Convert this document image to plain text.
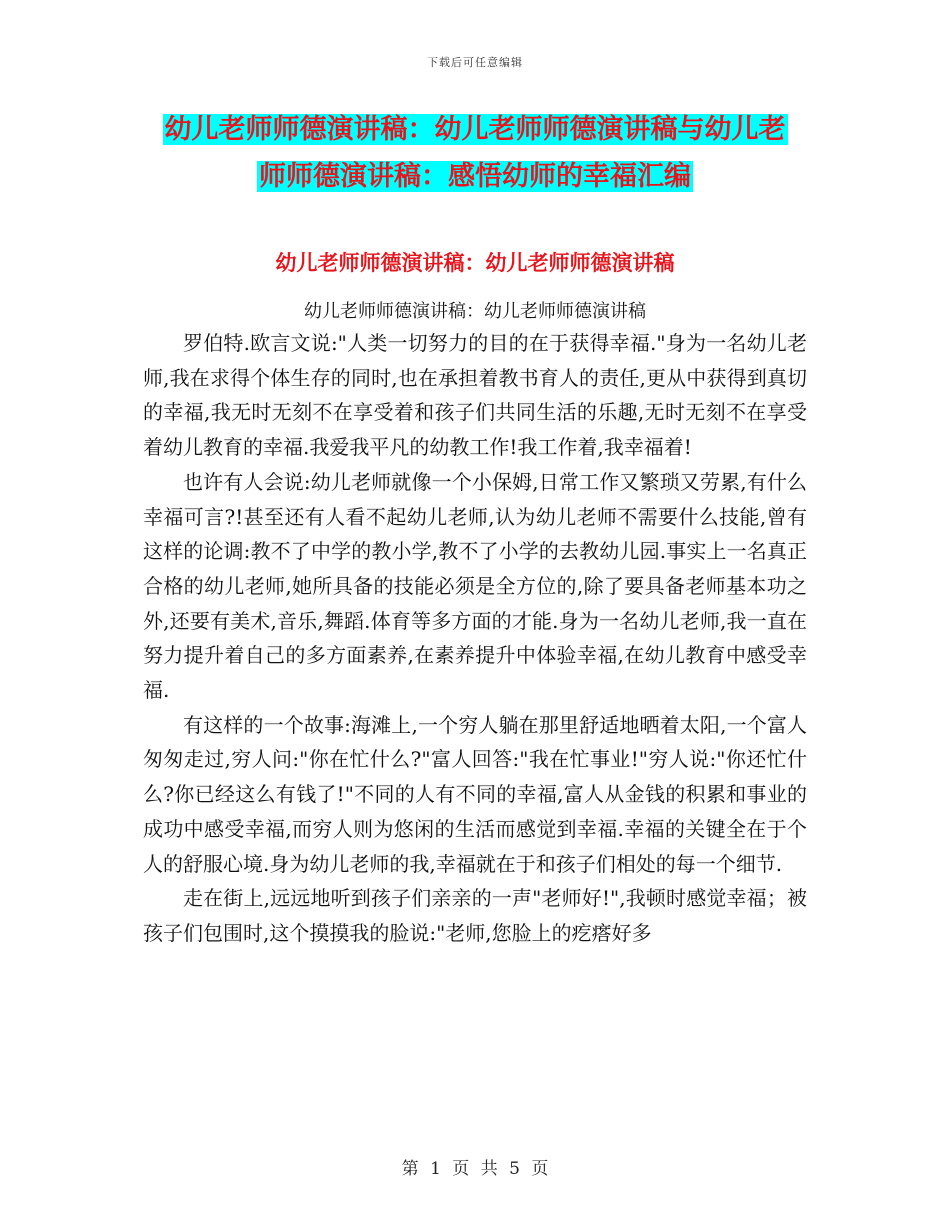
下载后可任意编辑
幼儿老师师德演讲稿：幼儿老师师德演讲稿与幼儿老
师师德演讲稿：感悟幼师的幸福汇编
幼儿老师师德演讲稿：幼儿老师师德演讲稿
幼儿老师师德演讲稿：幼儿老师师德演讲稿

罗伯特.欧言文说:"人类一切努力的目的在于获得幸福."身为一名幼儿老师,我在求得个体生存的同时,也在承担着教书育人的责任,更从中获得到真切的幸福,我无时无刻不在享受着和孩子们共同生活的乐趣,无时无刻不在享受着幼儿教育的幸福.我爱我平凡的幼教工作!我工作着,我幸福着!

也许有人会说:幼儿老师就像一个小保姆,日常工作又繁琐又劳累,有什么幸福可言?!甚至还有人看不起幼儿老师,认为幼儿老师不需要什么技能,曾有这样的论调:教不了中学的教小学,教不了小学的去教幼儿园.事实上一名真正合格的幼儿老师,她所具备的技能必须是全方位的,除了要具备老师基本功之外,还要有美术,音乐,舞蹈.体育等多方面的才能.身为一名幼儿老师,我一直在努力提升着自己的多方面素养,在素养提升中体验幸福,在幼儿教育中感受幸福.

有这样的一个故事:海滩上,一个穷人躺在那里舒适地晒着太阳,一个富人匆匆走过,穷人问:"你在忙什么?"富人回答:"我在忙事业!"穷人说:"你还忙什么?你已经这么有钱了!"不同的人有不同的幸福,富人从金钱的积累和事业的成功中感受幸福,而穷人则为悠闲的生活而感觉到幸福.幸福的关键全在于个人的舒服心境.身为幼儿老师的我,幸福就在于和孩子们相处的每一个细节.

走在街上,远远地听到孩子们亲亲的一声"老师好!",我顿时感觉幸福；被孩子们包围时,这个摸摸我的脸说:"老师,您脸上的疙瘩好多

第 1 页 共 5 页
